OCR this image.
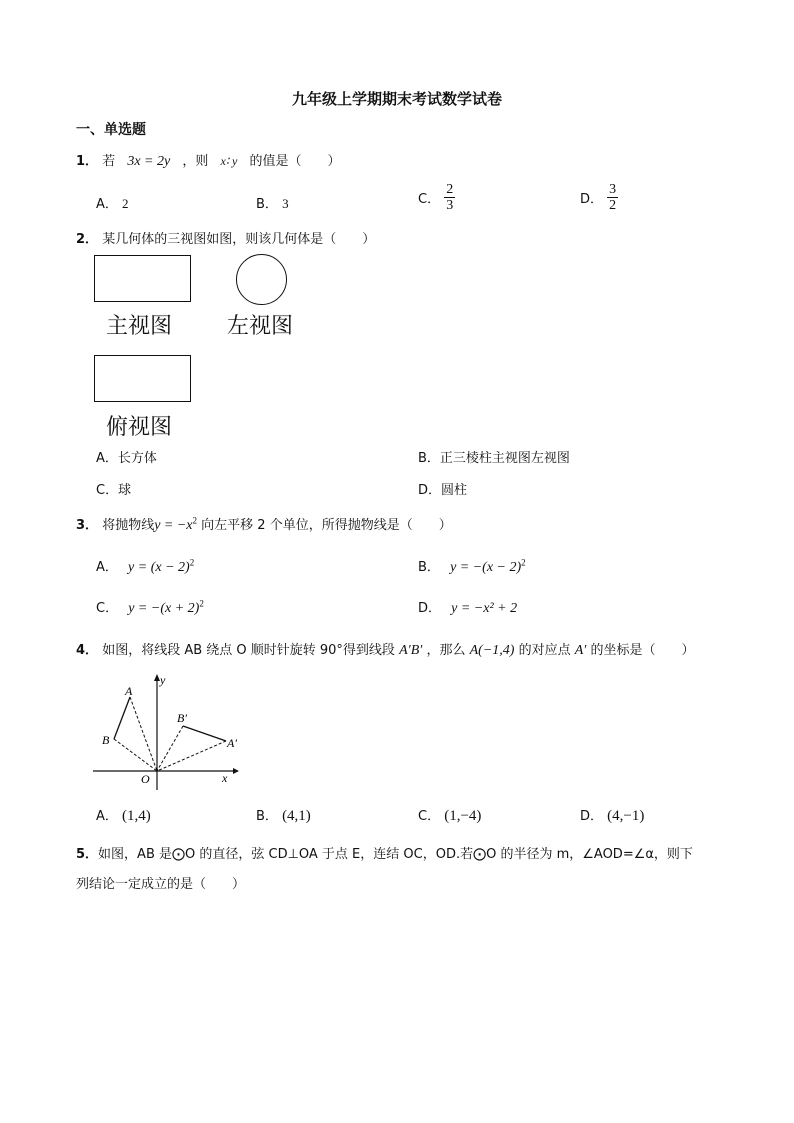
九年级上学期期末考试数学试卷
一、单选题
1． 若 3x = 2y ，则 x∶ y 的值是（　　）
A． 2	B． 3	C． $\frac{2}{3}$	D． $\frac{3}{2}$
2． 某几何体的三视图如图，则该几何体是（　　）
主视图 左视图
俯视图
A．长方体	B．正三棱柱主视图左视图
C．球	D．圆柱
3． 将抛物线$y = -x^2$ 向左平移 2 个单位，所得抛物线是（　　）
A． $y = (x - 2)^2$	B． $y = -(x - 2)^2$
C． $y = -(x + 2)^2$	D． y = −x² + 2
4． 如图，将线段 AB 绕点 O 顺时针旋转 90°得到线段 A′B′ ，那么 A(−1,4) 的对应点 A′ 的坐标是（　　）
A
B
B′
A′
O	x
y
A． (1,4)	B． (4,1)	C． (1,−4)	D． (4,−1)
5．如图，AB 是⨀O 的直径，弦 CD⊥OA 于点 E，连结 OC，OD.若⨀O 的半径为 m，∠AOD=∠α，则下
列结论一定成立的是（　　）
